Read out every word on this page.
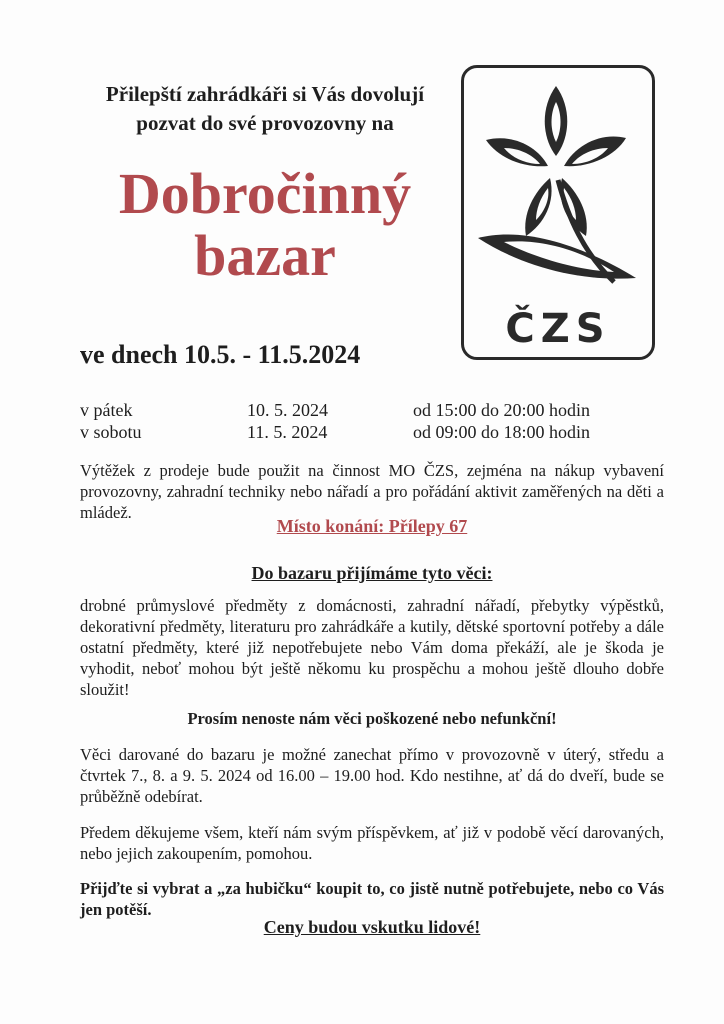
Přilepští zahrádkáři si Vás dovolují
pozvat do své provozovny na
Dobročinný
bazar
ČZS
ve dnech 10.5. - 11.5.2024
v pátek	10. 5. 2024	od 15:00 do 20:00 hodin
v sobotu	11. 5. 2024	od 09:00 do 18:00 hodin
Výtěžek z prodeje bude použit na činnost MO ČZS, zejména na nákup vybavení provozovny, zahradní techniky nebo nářadí a pro pořádání aktivit zaměřených na děti a mládež.
Místo konání: Přílepy 67
Do bazaru přijímáme tyto věci:
drobné průmyslové předměty z domácnosti, zahradní nářadí, přebytky výpěstků, dekorativní předměty, literaturu pro zahrádkáře a kutily, dětské sportovní potřeby a dále ostatní předměty, které již nepotřebujete nebo Vám doma překáží, ale je škoda je vyhodit, neboť mohou být ještě někomu ku prospěchu a mohou ještě dlouho dobře sloužit!
Prosím nenoste nám věci poškozené nebo nefunkční!
Věci darované do bazaru je možné zanechat přímo v provozovně v úterý, středu a čtvrtek 7., 8. a 9. 5. 2024 od 16.00 – 19.00 hod. Kdo nestihne, ať dá do dveří, bude se průběžně odebírat.
Předem děkujeme všem, kteří nám svým příspěvkem, ať již v podobě věcí darovaných, nebo jejich zakoupením, pomohou.
Přijďte si vybrat a „za hubičku“ koupit to, co jistě nutně potřebujete, nebo co Vás jen potěší.
Ceny budou vskutku lidové!
